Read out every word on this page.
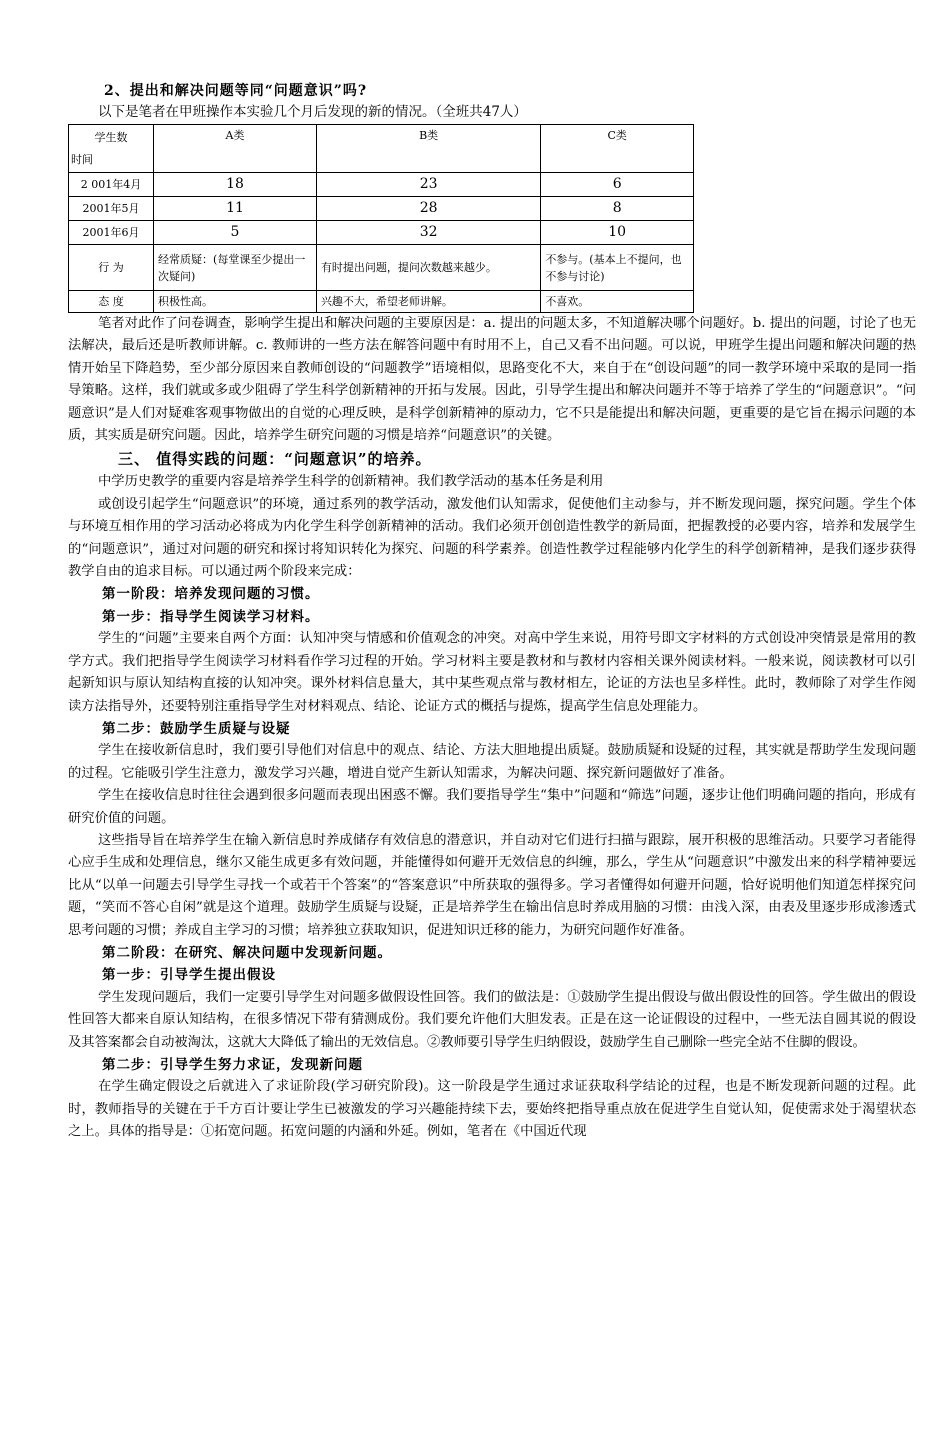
2、提出和解决问题等同“问题意识”吗?

以下是笔者在甲班操作本实验几个月后发现的新的情况。（全班共47人）

学生数
时间	A类	B类	C类
2 001年4月	18	23	6
2001年5月	11	28	8
2001年6月	5	32	10
行 为	经常质疑：(每堂课至少提出一次疑问)	有时提出问题，提问次数越来越少。	不参与。(基本上不提问，也不参与讨论)
态 度	积极性高。	兴趣不大，希望老师讲解。	不喜欢。

笔者对此作了问卷调查，影响学生提出和解决问题的主要原因是：a. 提出的问题太多，不知道解决哪个问题好。b. 提出的问题，讨论了也无法解决，最后还是听教师讲解。c. 教师讲的一些方法在解答问题中有时用不上，自己又看不出问题。可以说，甲班学生提出问题和解决问题的热情开始呈下降趋势，至少部分原因来自教师创设的“问题教学”语境相似，思路变化不大，来自于在“创设问题”的同一教学环境中采取的是同一指导策略。这样，我们就或多或少阻碍了学生科学创新精神的开拓与发展。因此，引导学生提出和解决问题并不等于培养了学生的“问题意识”。“问题意识”是人们对疑难客观事物做出的自觉的心理反映，是科学创新精神的原动力，它不只是能提出和解决问题，更重要的是它旨在揭示问题的本质，其实质是研究问题。因此，培养学生研究问题的习惯是培养“问题意识”的关键。

三、 值得实践的问题：“问题意识”的培养。

中学历史教学的重要内容是培养学生科学的创新精神。我们教学活动的基本任务是利用

或创设引起学生“问题意识”的环境，通过系列的教学活动，激发他们认知需求，促使他们主动参与，并不断发现问题，探究问题。学生个体与环境互相作用的学习活动必将成为内化学生科学创新精神的活动。我们必须开创创造性教学的新局面，把握教授的必要内容，培养和发展学生的“问题意识”，通过对问题的研究和探讨将知识转化为探究、问题的科学素养。创造性教学过程能够内化学生的科学创新精神，是我们逐步获得教学自由的追求目标。可以通过两个阶段来完成：

第一阶段：培养发现问题的习惯。

第一步：指导学生阅读学习材料。

学生的“问题”主要来自两个方面：认知冲突与情感和价值观念的冲突。对高中学生来说，用符号即文字材料的方式创设冲突情景是常用的教学方式。我们把指导学生阅读学习材料看作学习过程的开始。学习材料主要是教材和与教材内容相关课外阅读材料。一般来说，阅读教材可以引起新知识与原认知结构直接的认知冲突。课外材料信息量大，其中某些观点常与教材相左，论证的方法也呈多样性。此时，教师除了对学生作阅读方法指导外，还要特别注重指导学生对材料观点、结论、论证方式的概括与提炼，提高学生信息处理能力。

第二步：鼓励学生质疑与设疑

学生在接收新信息时，我们要引导他们对信息中的观点、结论、方法大胆地提出质疑。鼓励质疑和设疑的过程，其实就是帮助学生发现问题的过程。它能吸引学生注意力，激发学习兴趣，增进自觉产生新认知需求，为解决问题、探究新问题做好了准备。

学生在接收信息时往往会遇到很多问题而表现出困惑不懈。我们要指导学生“集中”问题和“筛选”问题，逐步让他们明确问题的指向，形成有研究价值的问题。

这些指导旨在培养学生在输入新信息时养成储存有效信息的潜意识，并自动对它们进行扫描与跟踪，展开积极的思维活动。只要学习者能得心应手生成和处理信息，继尔又能生成更多有效问题，并能懂得如何避开无效信息的纠缠，那么，学生从“问题意识”中激发出来的科学精神要远比从“以单一问题去引导学生寻找一个或若干个答案”的“答案意识”中所获取的强得多。学习者懂得如何避开问题，恰好说明他们知道怎样探究问题，“笑而不答心自闲”就是这个道理。鼓励学生质疑与设疑，正是培养学生在输出信息时养成用脑的习惯：由浅入深，由表及里逐步形成渗透式思考问题的习惯；养成自主学习的习惯；培养独立获取知识，促进知识迁移的能力，为研究问题作好准备。

第二阶段：在研究、解决问题中发现新问题。

第一步：引导学生提出假设

学生发现问题后，我们一定要引导学生对问题多做假设性回答。我们的做法是：①鼓励学生提出假设与做出假设性的回答。学生做出的假设性回答大都来自原认知结构，在很多情况下带有猜测成份。我们要允许他们大胆发表。正是在这一论证假设的过程中，一些无法自圆其说的假设及其答案都会自动被淘汰，这就大大降低了输出的无效信息。②教师要引导学生归纳假设，鼓励学生自己删除一些完全站不住脚的假设。

第二步：引导学生努力求证，发现新问题

在学生确定假设之后就进入了求证阶段(学习研究阶段)。这一阶段是学生通过求证获取科学结论的过程，也是不断发现新问题的过程。此时，教师指导的关键在于千方百计要让学生已被激发的学习兴趣能持续下去，要始终把指导重点放在促进学生自觉认知，促使需求处于渴望状态之上。具体的指导是：①拓宽问题。拓宽问题的内涵和外延。例如，笔者在《中国近代现
